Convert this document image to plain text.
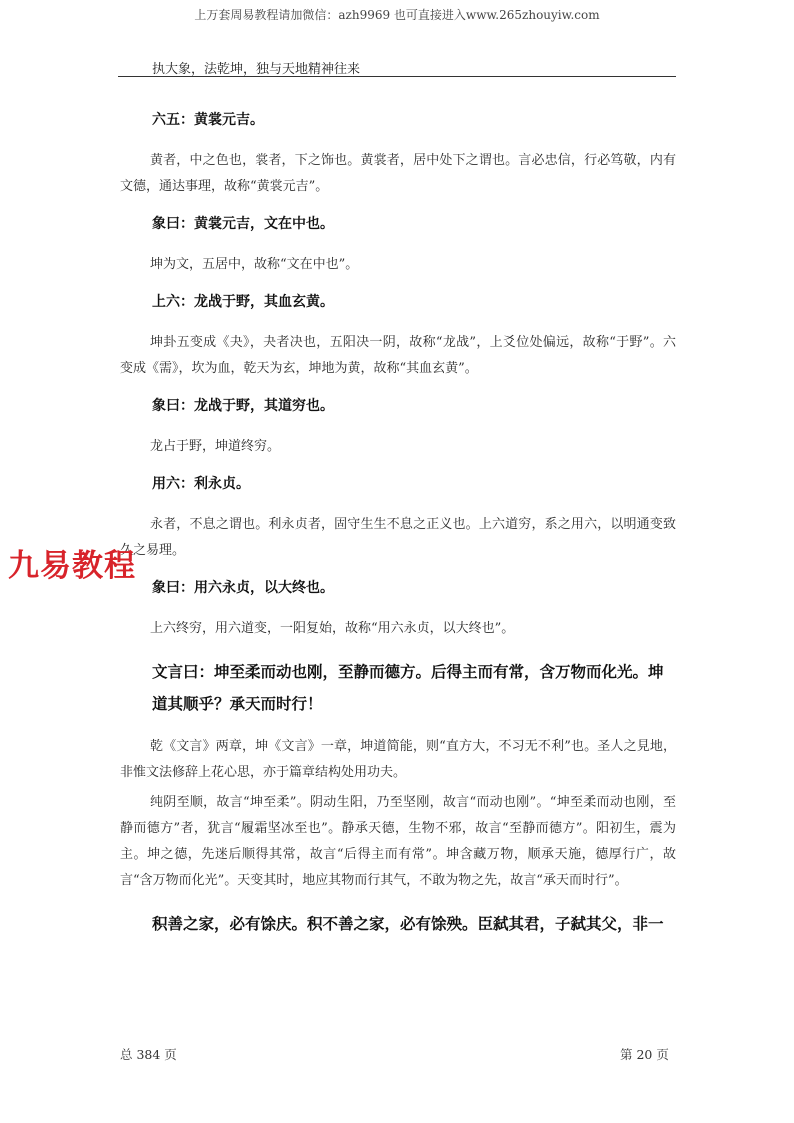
上万套周易教程请加微信：azh9969 也可直接进入www.265zhouyiw.com
执大象，法乾坤，独与天地精神往来

六五：黄裳元吉。

黄者，中之色也，裳者，下之饰也。黄裳者，居中处下之谓也。言必忠信，行必笃敬，内有文德，通达事理，故称“黄裳元吉”。

象曰：黄裳元吉，文在中也。

坤为文，五居中，故称“文在中也”。

上六：龙战于野，其血玄黄。

坤卦五变成《夬》，夬者决也，五阳决一阴，故称“龙战”，上爻位处偏远，故称“于野”。六变成《需》，坎为血，乾天为玄，坤地为黄，故称“其血玄黄”。

象曰：龙战于野，其道穷也。

龙占于野，坤道终穷。

用六：利永贞。

永者，不息之谓也。利永贞者，固守生生不息之正义也。上六道穷，系之用六，以明通变致久之易理。

象曰：用六永贞，以大终也。

上六终穷，用六道变，一阳复始，故称“用六永贞，以大终也”。

文言曰：坤至柔而动也刚，至静而德方。后得主而有常，含万物而化光。坤道其顺乎？承天而时行！

乾《文言》两章，坤《文言》一章，坤道简能，则“直方大，不习无不利”也。圣人之見地，非惟文法修辞上花心思，亦于篇章结构处用功夫。

纯阴至顺，故言“坤至柔”。阴动生阳，乃至坚刚，故言“而动也刚”。“坤至柔而动也刚，至静而德方”者，犹言“履霜坚冰至也”。静承天德，生物不邪，故言“至静而德方”。阳初生，震为主。坤之德，先迷后顺得其常，故言“后得主而有常”。坤含藏万物，顺承天施，德厚行广，故言“含万物而化光”。天变其时，地应其物而行其气，不敢为物之先，故言“承天而时行”。

积善之家，必有馀庆。积不善之家，必有馀殃。臣弑其君，子弑其父，非一

九易教程
总 384 页	第 20 页
